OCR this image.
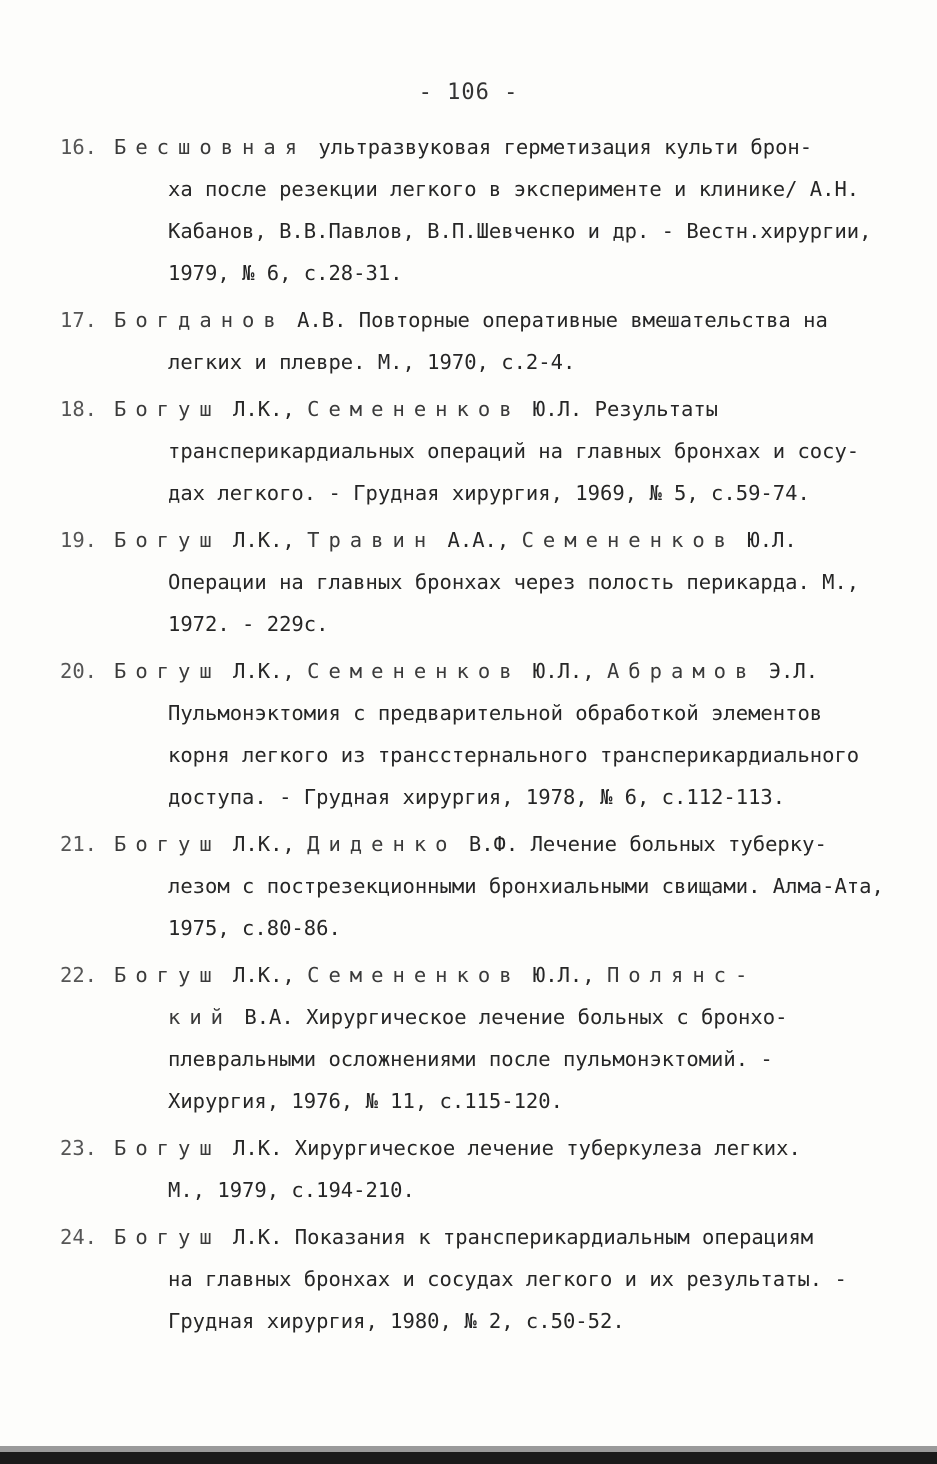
- 106 -
16. Бесшовная ультразвуковая герметизация культи брон-
ха после резекции легкого в эксперименте и клинике/ А.Н.
Кабанов, В.В.Павлов, В.П.Шевченко и др. - Вестн.хирургии,
1979, № 6, с.28-31.
17. Богданов А.В. Повторные оперативные вмешательства на
легких и плевре. М., 1970, с.2-4.
18. Богуш Л.К., Семененков Ю.Л. Результаты
трансперикардиальных операций на главных бронхах и сосу-
дах легкого. - Грудная хирургия, 1969, № 5, с.59-74.
19. Богуш Л.К., Травин А.А., Семененков Ю.Л.
Операции на главных бронхах через полость перикарда. М.,
1972. - 229с.
20. Богуш Л.К., Семененков Ю.Л., Абрамов Э.Л.
Пульмонэктомия с предварительной обработкой элементов
корня легкого из трансстернального трансперикардиального
доступа. - Грудная хирургия, 1978, № 6, с.112-113.
21. Богуш Л.К., Диденко В.Ф. Лечение больных туберку-
лезом с пострезекционными бронхиальными свищами. Алма-Ата,
1975, с.80-86.
22. Богуш Л.К., Семененков Ю.Л., Полянс-
кий В.А. Хирургическое лечение больных с бронхо-
плевральными осложнениями после пульмонэктомий. -
Хирургия, 1976, № 11, с.115-120.
23. Богуш Л.К. Хирургическое лечение туберкулеза легких.
М., 1979, с.194-210.
24. Богуш Л.К. Показания к трансперикардиальным операциям
на главных бронхах и сосудах легкого и их результаты. -
Грудная хирургия, 1980, № 2, с.50-52.
